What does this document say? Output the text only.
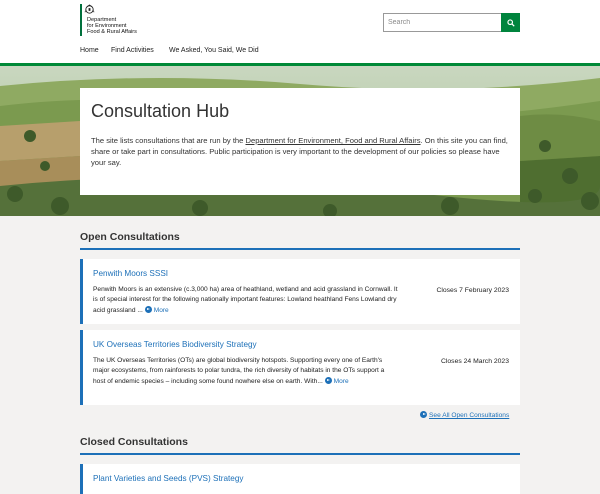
Department
for Environment
Food & Rural Affairs
Search
Home Find Activities We Asked, You Said, We Did
Consultation Hub

The site lists consultations that are run by the Department for Environment, Food and Rural Affairs. On this site you can find, share or take part in consultations. Public participation is very important to the development of our policies so please have your say.

Open Consultations
Penwith Moors SSSI

Penwith Moors is an extensive (c.3,000 ha) area of heathland, wetland and acid grassland in Cornwall. It is of special interest for the following nationally important features: Lowland heathland Fens Lowland dry acid grassland ... More

Closes 7 February 2023
UK Overseas Territories Biodiversity Strategy

The UK Overseas Territories (OTs) are global biodiversity hotspots. Supporting every one of Earth's major ecosystems, from rainforests to polar tundra, the rich diversity of habitats in the OTs support a host of endemic species – including some found nowhere else on earth. With... More

Closes 24 March 2023
See All Open Consultations
Closed Consultations
Plant Varieties and Seeds (PVS) Strategy
